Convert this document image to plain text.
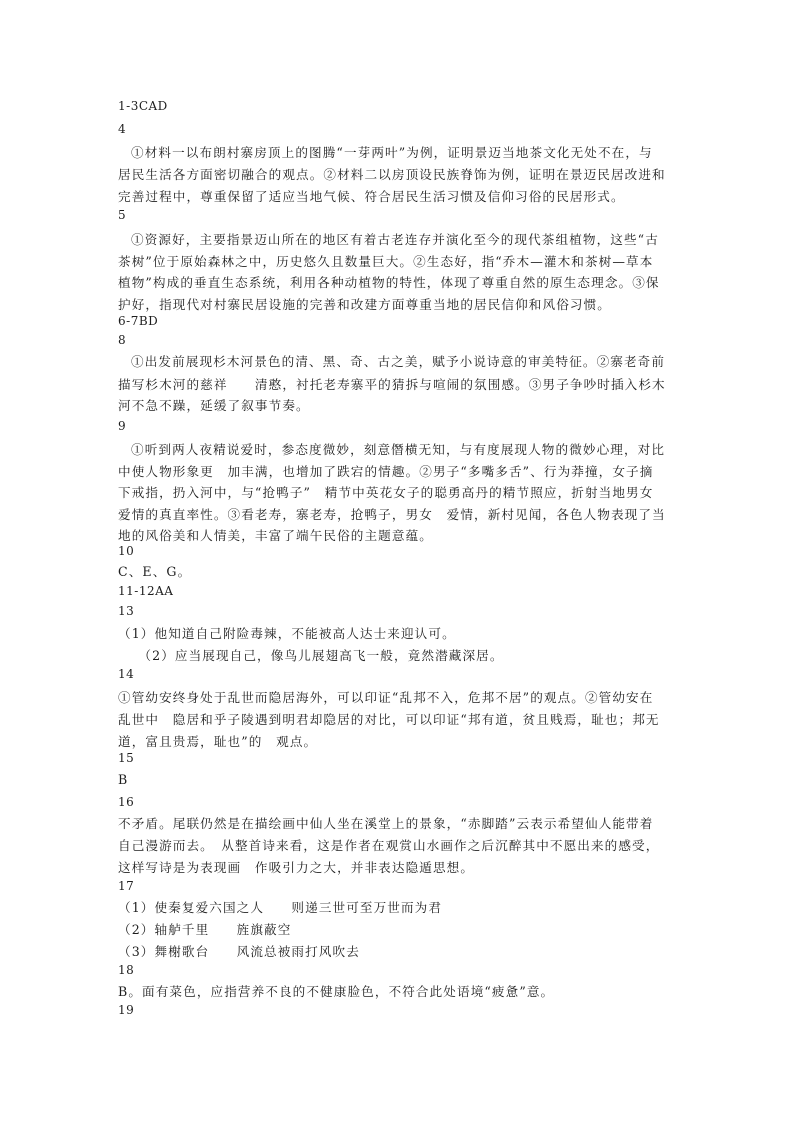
1-3CAD
4
①材料一以布朗村寨房顶上的图腾“一芽两叶”为例，证明景迈当地茶文化无处不在，与
居民生活各方面密切融合的观点。②材料二以房顶设民族脊饰为例，证明在景迈民居改进和
完善过程中，尊重保留了适应当地气候、符合居民生活习惯及信仰习俗的民居形式。
5
①资源好，主要指景迈山所在的地区有着古老连存并演化至今的现代茶组植物，这些“古
茶树”位于原始森林之中，历史悠久且数量巨大。②生态好，指“乔木—灌木和茶树—草本
植物”构成的垂直生态系统，利用各种动植物的特性，体现了尊重自然的原生态理念。③保
护好，指现代对村寨民居设施的完善和改建方面尊重当地的居民信仰和风俗习惯。
6-7BD
8
①出发前展现杉木河景色的清、黑、奇、古之美，赋予小说诗意的审美特征。②寨老奇前
描写杉木河的慈祥　　清憨，衬托老寿寨平的猜拆与喧闹的氛围感。③男子争吵时插入杉木
河不急不躁，延缓了叙事节奏。
9
①听到两人夜精说爱时，参态度微妙，刻意僭横无知，与有度展现人物的微妙心理，对比
中使人物形象更　加丰满，也增加了跌宕的情趣。②男子“多嘴多舌”、行为莽撞，女子摘
下戒指，扔入河中，与“抢鸭子”　精节中英花女子的聪勇高丹的精节照应，折射当地男女
爱情的真直率性。③看老寿，寨老寿，抢鸭子，男女　爱情，新村见闻，各色人物表现了当
地的风俗美和人情美，丰富了端午民俗的主题意蕴。
10
C、E、G。
11-12AA
13
（1）他知道自己附险毒辣，不能被高人达士来迎认可。
　（2）应当展现自己，像鸟儿展翅高飞一般，竟然潜藏深居。
14
①管幼安终身处于乱世而隐居海外，可以印证“乱邦不入，危邦不居”的观点。②管幼安在
乱世中　隐居和乎子陵遇到明君却隐居的对比，可以印证“邦有道，贫且贱焉，耻也；邦无
道，富且贵焉，耻也”的　观点。
15
B
16
不矛盾。尾联仍然是在描绘画中仙人坐在溪堂上的景象，“赤脚踏”云表示希望仙人能带着
自己漫游而去。　从整首诗来看，这是作者在观赏山水画作之后沉醉其中不愿出来的感受，
这样写诗是为表现画　作吸引力之大，并非表达隐遁思想。
17
（1）使秦复爱六国之人　　则递三世可至万世而为君
（2）轴舻千里　　旌旗蔽空
（3）舞榭歌台　　风流总被雨打风吹去
18
B。面有菜色，应指营养不良的不健康脸色，不符合此处语境“疲惫”意。
19
